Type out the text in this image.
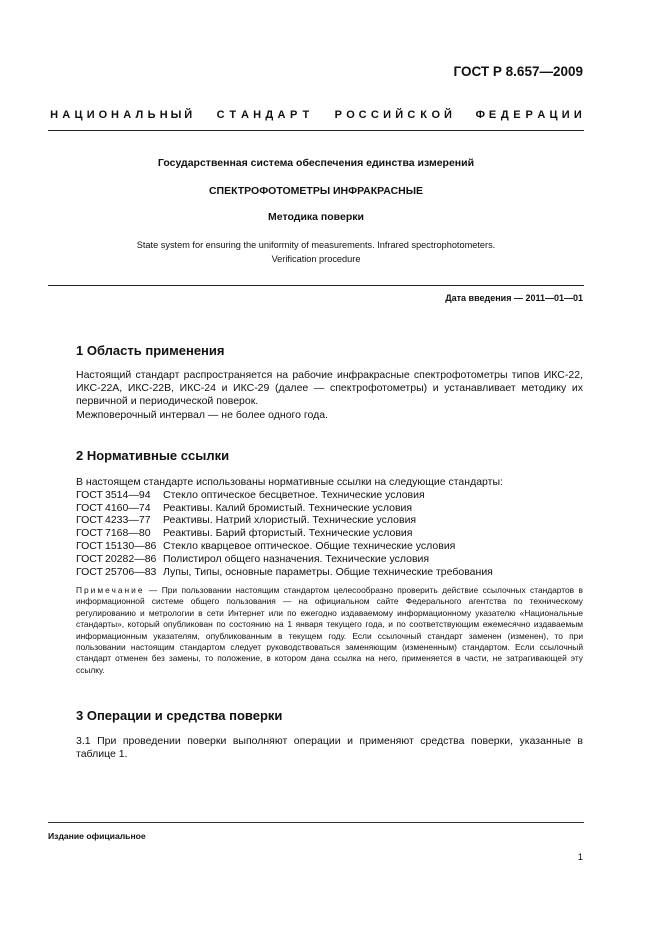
ГОСТ Р 8.657—2009
Н А Ц И О Н А Л Ь Н Ы Й С Т А Н Д А Р Т Р О С С И Й С К О Й Ф Е Д Е Р А Ц И И
Государственная система обеспечения единства измерений
СПЕКТРОФОТОМЕТРЫ ИНФРАКРАСНЫЕ
Методика поверки
State system for ensuring the uniformity of measurements. Infrared spectrophotometers.
Verification procedure
Дата введения — 2011—01—01
1 Область применения
Настоящий стандарт распространяется на рабочие инфракрасные спектрофотометры типов ИКС-22, ИКС-22А, ИКС-22В, ИКС-24 и ИКС-29 (далее — спектрофотометры) и устанавливает методику их первичной и периодической поверок.
Межповерочный интервал — не более одного года.
2 Нормативные ссылки
В настоящем стандарте использованы нормативные ссылки на следующие стандарты:
ГОСТ 3514—94	Стекло оптическое бесцветное. Технические условия
ГОСТ 4160—74	Реактивы. Калий бромистый. Технические условия
ГОСТ 4233—77	Реактивы. Натрий хлористый. Технические условия
ГОСТ 7168—80	Реактивы. Барий фтористый. Технические условия
ГОСТ 15130—86 Стекло кварцевое оптическое. Общие технические условия
ГОСТ 20282—86 Полистирол общего назначения. Технические условия
ГОСТ 25706—83 Лупы, Типы, основные параметры. Общие технические требования
Примечание — При пользовании настоящим стандартом целесообразно проверить действие ссылочных стандартов в информационной системе общего пользования — на официальном сайте Федерального агентства по техническому регулированию и метрологии в сети Интернет или по ежегодно издаваемому информационному указателю «Национальные стандарты», который опубликован по состоянию на 1 января текущего года, и по соответствующим ежемесячно издаваемым информационным указателям, опубликованным в текущем году. Если ссылочный стандарт заменен (изменен), то при пользовании настоящим стандартом следует руководствоваться заменяющим (измененным) стандартом. Если ссылочный стандарт отменен без замены, то положение, в котором дана ссылка на него, применяется в части, не затрагивающей эту ссылку.
3 Операции и средства поверки
3.1 При проведении поверки выполняют операции и применяют средства поверки, указанные в таблице 1.
Издание официальное
1
